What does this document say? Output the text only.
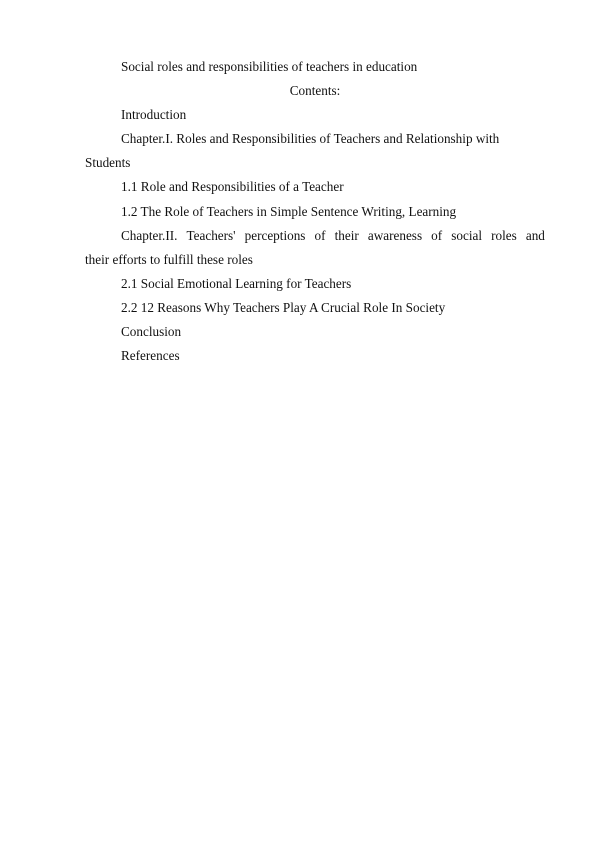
Social roles and responsibilities of teachers in education
Contents:
Introduction
Chapter.I. Roles and Responsibilities of Teachers and Relationship with
Students
1.1 Role and Responsibilities of a Teacher
1.2 The Role of Teachers in Simple Sentence Writing, Learning
Chapter.II. Teachers' perceptions of their awareness of social roles and
their efforts to fulfill these roles
2.1 Social Emotional Learning for Teachers
2.2 12 Reasons Why Teachers Play A Crucial Role In Society
Conclusion
References
